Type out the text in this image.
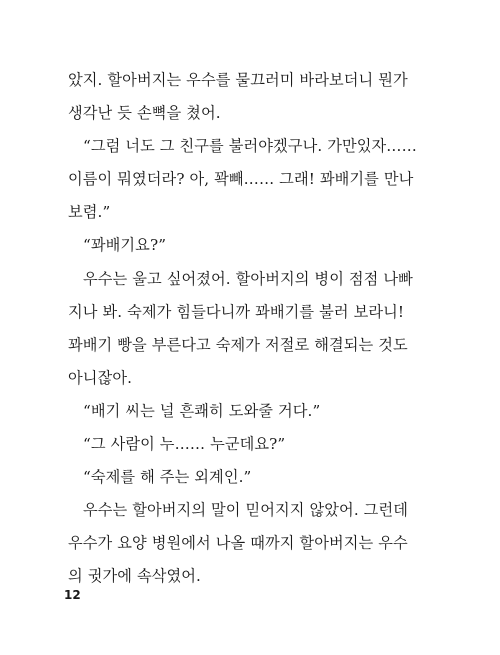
았지. 할아버지는 우수를 물끄러미 바라보더니 뭔가
생각난 듯 손뼉을 쳤어.
“그럼 너도 그 친구를 불러야겠구나. 가만있자……
이름이 뭐였더라? 아, 꽉빼…… 그래! 꽈배기를 만나
보렴.”
“꽈배기요?”
우수는 울고 싶어졌어. 할아버지의 병이 점점 나빠
지나 봐. 숙제가 힘들다니까 꽈배기를 불러 보라니!
꽈배기 빵을 부른다고 숙제가 저절로 해결되는 것도
아니잖아.
“배기 씨는 널 흔쾌히 도와줄 거다.”
“그 사람이 누…… 누군데요?”
“숙제를 해 주는 외계인.”
우수는 할아버지의 말이 믿어지지 않았어. 그런데
우수가 요양 병원에서 나올 때까지 할아버지는 우수
의 귓가에 속삭였어.
12
